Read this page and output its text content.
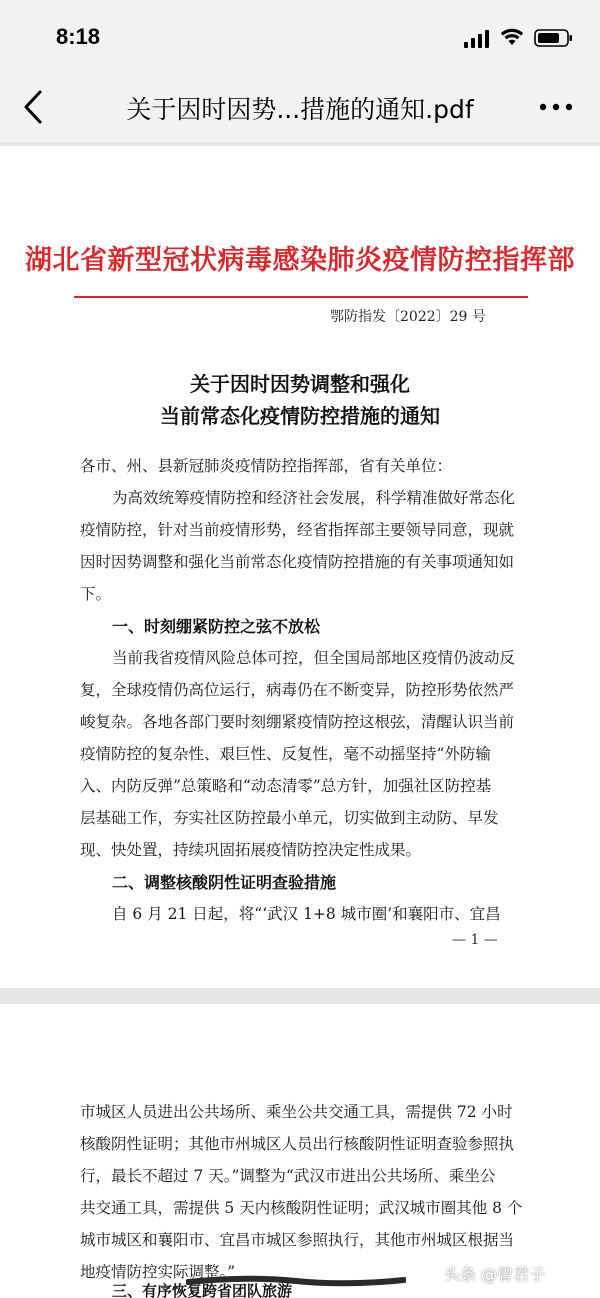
8:18
关于因时因势...措施的通知.pdf
湖北省新型冠状病毒感染肺炎疫情防控指挥部
鄂防指发〔2022〕29 号
关于因时因势调整和强化
当前常态化疫情防控措施的通知
各市、州、县新冠肺炎疫情防控指挥部，省有关单位：
为高效统筹疫情防控和经济社会发展，科学精准做好常态化
疫情防控，针对当前疫情形势，经省指挥部主要领导同意，现就
因时因势调整和强化当前常态化疫情防控措施的有关事项通知如
下。
一、时刻绷紧防控之弦不放松
当前我省疫情风险总体可控，但全国局部地区疫情仍波动反
复，全球疫情仍高位运行，病毒仍在不断变异，防控形势依然严
峻复杂。各地各部门要时刻绷紧疫情防控这根弦，清醒认识当前
疫情防控的复杂性、艰巨性、反复性，毫不动摇坚持“外防输
入、内防反弹”总策略和“动态清零”总方针，加强社区防控基
层基础工作，夯实社区防控最小单元，切实做到主动防、早发
现、快处置，持续巩固拓展疫情防控决定性成果。
二、调整核酸阴性证明查验措施
自 6 月 21 日起，将“‘武汉 1+8 城市圈’和襄阳市、宜昌
— 1 —
市城区人员进出公共场所、乘坐公共交通工具，需提供 72 小时
核酸阴性证明；其他市州城区人员出行核酸阴性证明查验参照执
行，最长不超过 7 天。”调整为“武汉市进出公共场所、乘坐公
共交通工具，需提供 5 天内核酸阴性证明；武汉城市圈其他 8 个
城市城区和襄阳市、宜昌市城区参照执行，其他市州城区根据当
地疫情防控实际调整。”
三、有序恢复跨省团队旅游
头条 @曾君子
